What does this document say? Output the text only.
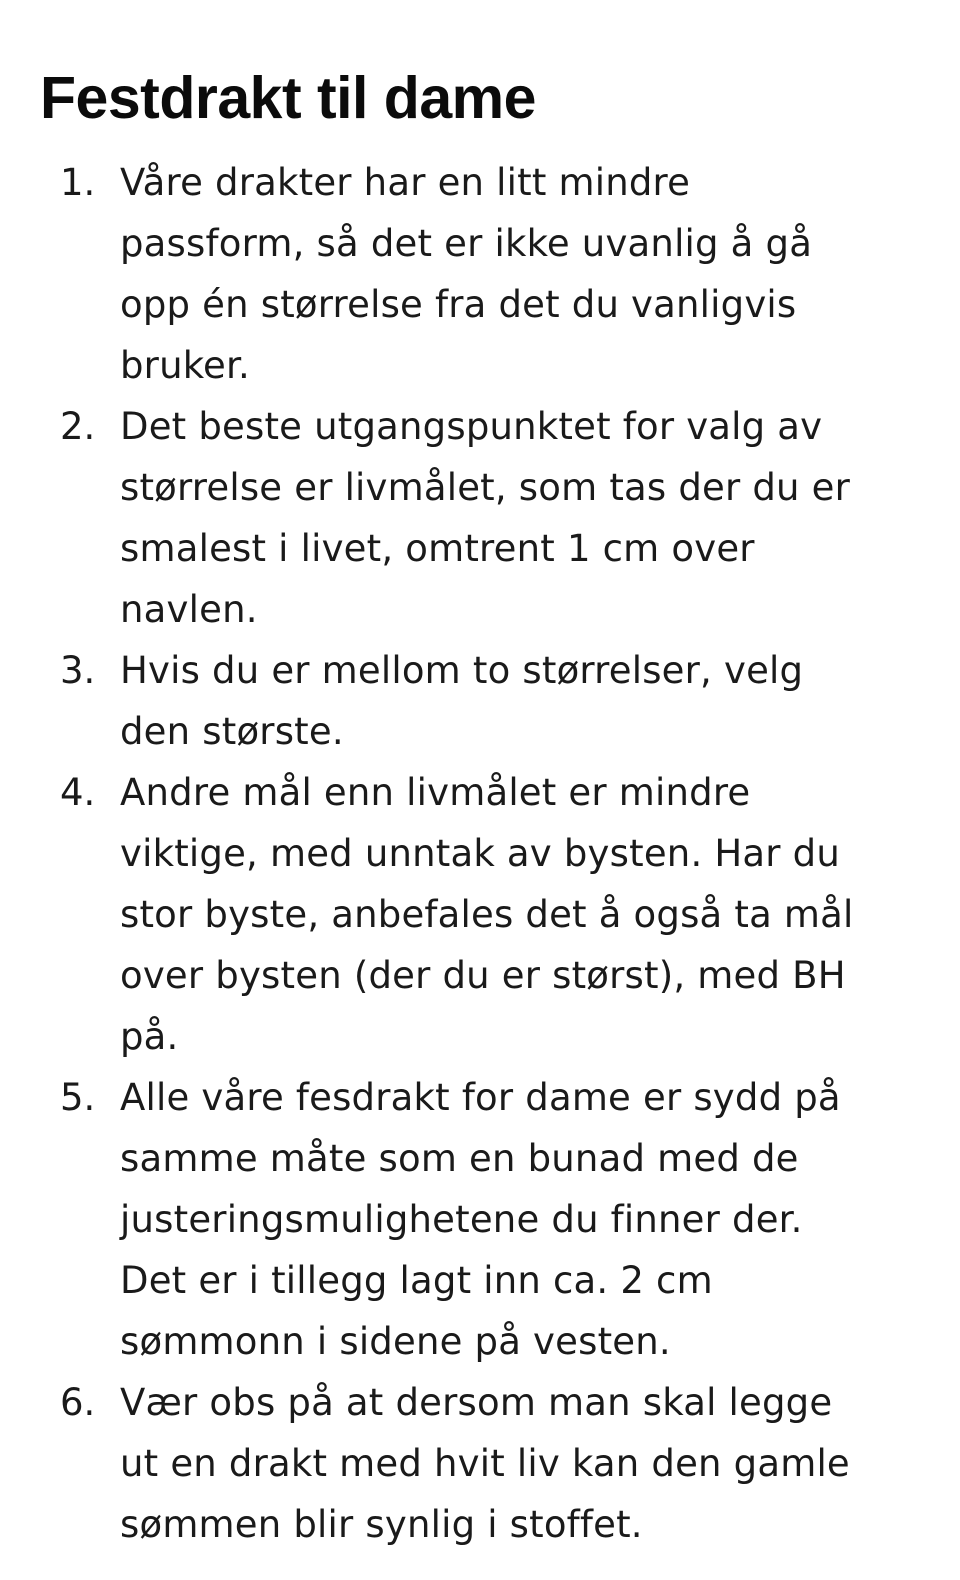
Festdrakt til dame
1. Våre drakter har en litt mindre
passform, så det er ikke uvanlig å gå
opp én størrelse fra det du vanligvis
bruker.
2. Det beste utgangspunktet for valg av
størrelse er livmålet, som tas der du er
smalest i livet, omtrent 1 cm over
navlen.
3. Hvis du er mellom to størrelser, velg
den største.
4. Andre mål enn livmålet er mindre
viktige, med unntak av bysten. Har du
stor byste, anbefales det å også ta mål
over bysten (der du er størst), med BH
på.
5. Alle våre fesdrakt for dame er sydd på
samme måte som en bunad med de
justeringsmulighetene du finner der.
Det er i tillegg lagt inn ca. 2 cm
sømmonn i sidene på vesten.
6. Vær obs på at dersom man skal legge
ut en drakt med hvit liv kan den gamle
sømmen blir synlig i stoffet.
